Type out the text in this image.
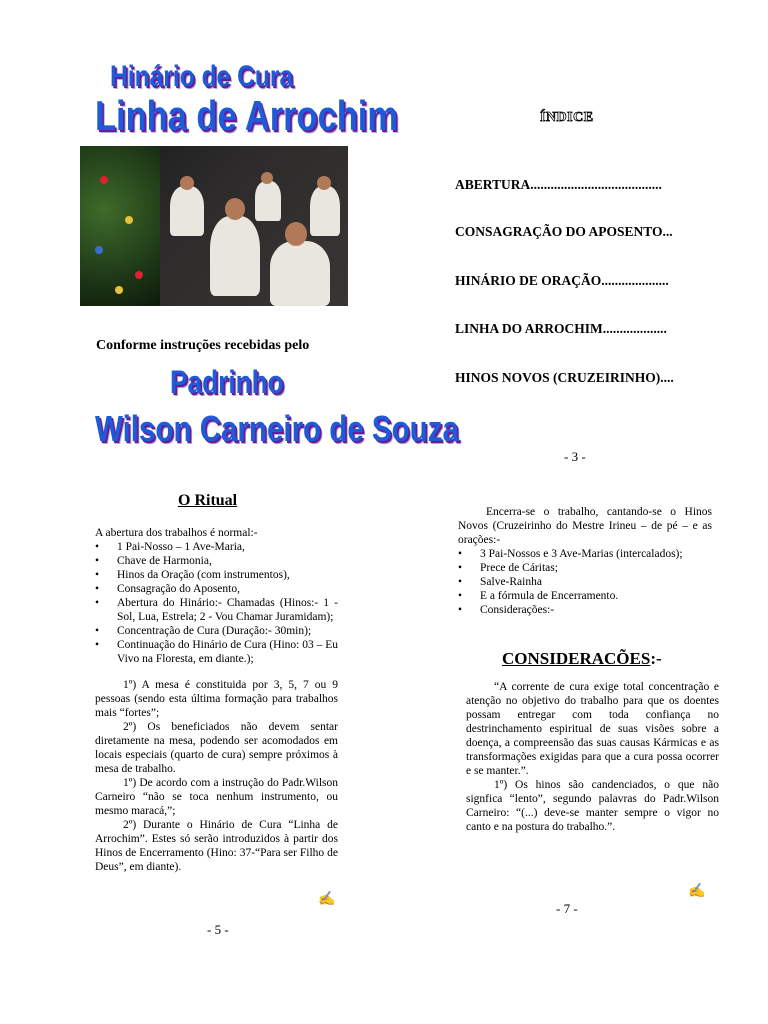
Hinário de Cura
Linha de Arrochim
Conforme instruções recebidas pelo
Padrinho
Wilson Carneiro de Souza
ÍNDICE
ABERTURA.......................................
CONSAGRAÇÃO DO APOSENTO...
HINÁRIO DE ORAÇÃO....................
LINHA DO ARROCHIM...................
HINOS NOVOS (CRUZEIRINHO)....
- 3 -
O Ritual

A abertura dos trabalhos é normal:-

• 1 Pai-Nosso – 1 Ave-Maria,
• Chave de Harmonia,
• Hinos da Oração (com instrumentos),
• Consagração do Aposento,
• Abertura do Hinário:- Chamadas (Hinos:- 1 - Sol, Lua, Estrela; 2 - Vou Chamar Juramidam);
• Concentração de Cura (Duração:- 30min);
• Continuação do Hinário de Cura (Hino: 03 – Eu Vivo na Floresta, em diante.);

1º) A mesa é constituida por 3, 5, 7 ou 9 pessoas (sendo esta última formação para trabalhos mais “fortes”;

2º) Os beneficiados não devem sentar diretamente na mesa, podendo ser acomodados em locais especiais (quarto de cura) sempre próximos à mesa de trabalho.

1º) De acordo com a instrução do Padr.Wilson Carneiro “não se toca nenhum instrumento, ou mesmo maracá,”;

2º) Durante o Hinário de Cura “Linha de Arrochim”. Estes só serão introduzidos à partir dos Hinos de Encerramento (Hino: 37-“Para ser Filho de Deus”, em diante).

✍
- 5 -

Encerra-se o trabalho, cantando-se o Hinos Novos (Cruzeirinho do Mestre Irineu – de pé – e as orações:-

• 3 Pai-Nossos e 3 Ave-Marias (intercalados);
• Prece de Cáritas;
• Salve-Rainha
• E a fórmula de Encerramento.
• Considerações:-
CONSIDERACÕES:-

“A corrente de cura exige total concentração e atenção no objetivo do trabalho para que os doentes possam entregar com toda confiança no destrinchamento espiritual de suas visões sobre a doença, a compreensão das suas causas Kármicas e as transformações exigidas para que a cura possa ocorrer e se manter.”.

1º) Os hinos são candenciados, o que não signfica “lento”, segundo palavras do Padr.Wilson Carneiro: “(...) deve-se manter sempre o vigor no canto e na postura do trabalho.”.

✍
- 7 -
